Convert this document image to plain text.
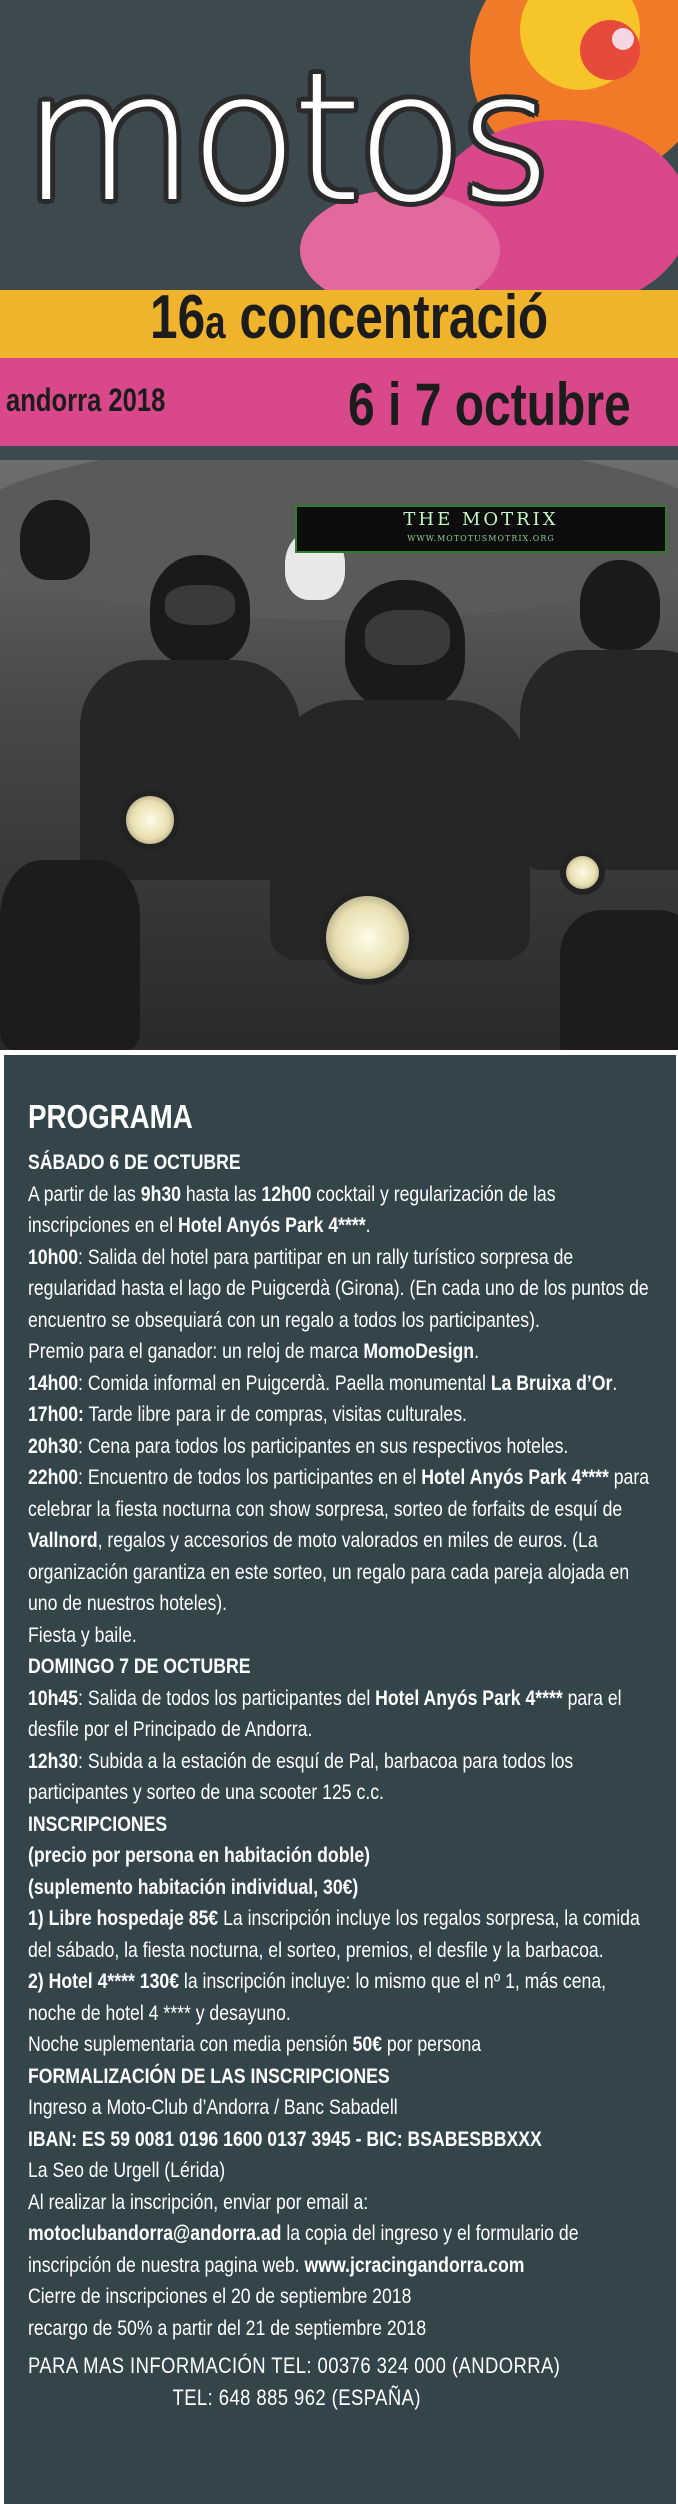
motos
16a concentració
andorra 2018	6 i 7 octubre
THE MOTRIX
WWW.MOTOTUSMOTRIX.ORG

PROGRAMA

SÁBADO 6 DE OCTUBRE

A partir de las 9h30 hasta las 12h00 cocktail y regularización de las inscripciones en el Hotel Anyós Park 4****.

10h00: Salida del hotel para partitipar en un rally turístico sorpresa de regularidad hasta el lago de Puigcerdà (Girona). (En cada uno de los puntos de encuentro se obsequiará con un regalo a todos los participantes).

Premio para el ganador: un reloj de marca MomoDesign.

14h00: Comida informal en Puigcerdà. Paella monumental La Bruixa d’Or.

17h00: Tarde libre para ir de compras, visitas culturales.

20h30: Cena para todos los participantes en sus respectivos hoteles.

22h00: Encuentro de todos los participantes en el Hotel Anyós Park 4**** para celebrar la fiesta nocturna con show sorpresa, sorteo de forfaits de esquí de Vallnord, regalos y accesorios de moto valorados en miles de euros. (La organización garantiza en este sorteo, un regalo para cada pareja alojada en uno de nuestros hoteles).

Fiesta y baile.

DOMINGO 7 DE OCTUBRE

10h45: Salida de todos los participantes del Hotel Anyós Park 4**** para el desfile por el Principado de Andorra.

12h30: Subida a la estación de esquí de Pal, barbacoa para todos los participantes y sorteo de una scooter 125 c.c.

INSCRIPCIONES

(precio por persona en habitación doble)

(suplemento habitación individual, 30€)

1) Libre hospedaje 85€ La inscripción incluye los regalos sorpresa, la comida del sábado, la fiesta nocturna, el sorteo, premios, el desfile y la barbacoa.

2) Hotel 4**** 130€ la inscripción incluye: lo mismo que el nº 1, más cena, noche de hotel 4 **** y desayuno.

Noche suplementaria con media pensión 50€ por persona

FORMALIZACIÓN DE LAS INSCRIPCIONES

Ingreso a Moto-Club d’Andorra / Banc Sabadell

IBAN: ES 59 0081 0196 1600 0137 3945 - BIC: BSABESBBXXX

La Seo de Urgell (Lérida)

Al realizar la inscripción, enviar por email a:

motoclubandorra@andorra.ad la copia del ingreso y el formulario de inscripción de nuestra pagina web. www.jcracingandorra.com

Cierre de inscripciones el 20 de septiembre 2018

recargo de 50% a partir del 21 de septiembre 2018

PARA MAS INFORMACIÓN TEL: 00376 324 000 (ANDORRA)

TEL: 648 885 962 (ESPAÑA)
